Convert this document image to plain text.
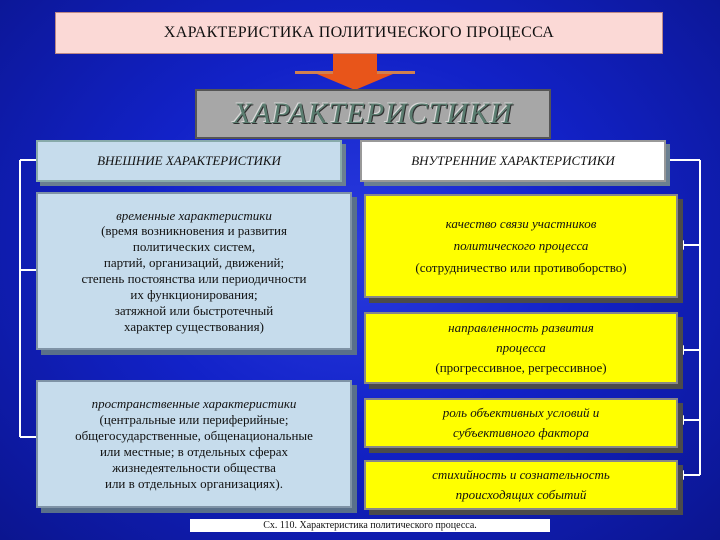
ХАРАКТЕРИСТИКА ПОЛИТИЧЕСКОГО ПРОЦЕССА
ХАРАКТЕРИСТИКИ
ВНЕШНИЕ ХАРАКТЕРИСТИКИ	ВНУТРЕННИЕ ХАРАКТЕРИСТИКИ
временные характеристики
(время возникновения и развития
политических систем,
партий, организаций, движений;
степень постоянства или периодичности
их функционирования;
затяжной или быстротечный
характер существования)
пространственные характеристики
(центральные или периферийные;
общегосударственные, общенациональные
или местные; в отдельных сферах
жизнедеятельности общества
или в отдельных организациях).
качество связи участников
политического процесса
(сотрудничество или противоборство)
направленность развития
процесса
(прогрессивное, регрессивное)
роль объективных условий и
субъективного фактора
стихийность и сознательность
происходящих событий
Сх. 110. Характеристика политического процесса.
